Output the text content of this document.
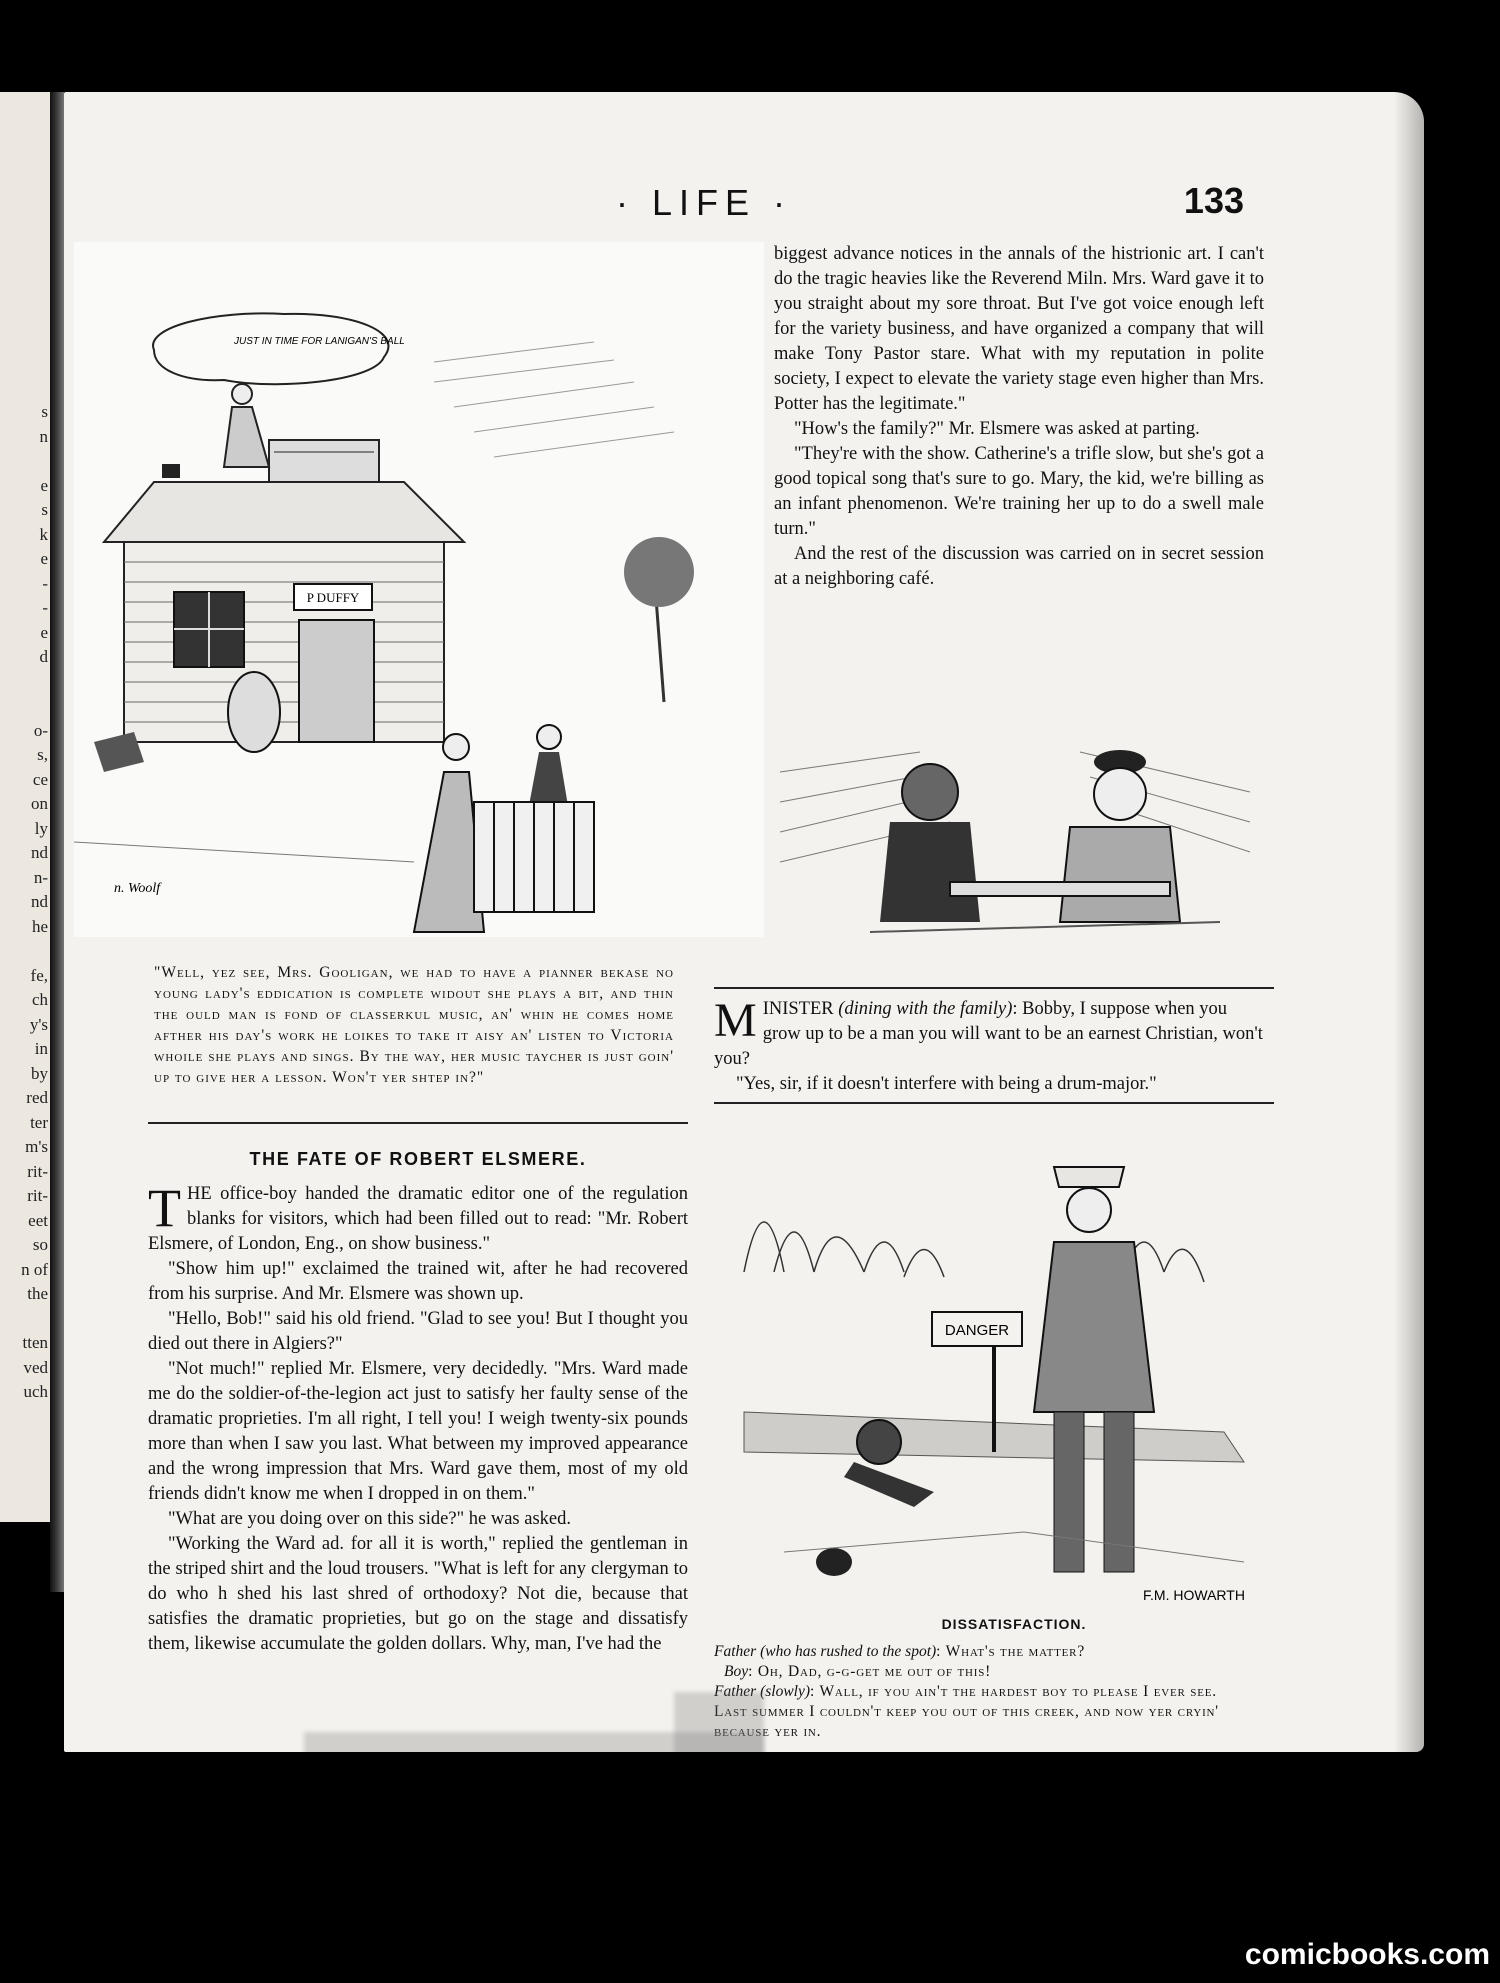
s
n
e
s
k
e
-
-
e
d
o-
s,
ce
on
ly
nd
n-
nd
he
fe,
ch
y's
in
by
red
ter
m's
rit-
rit-
eet
so
n of
the
tten
ved
uch
· LIFE ·	133
JUST IN TIME FOR LANIGAN'S BALL
P DUFFY
n. Woolf
"Well, yez see, Mrs. Gooligan, we had to have a pianner bekase no young lady's eddication is complete widout she plays a bit, and thin the ould man is fond of classerkul music, an' whin he comes home afther his day's work he loikes to take it aisy an' listen to Victoria whoile she plays and sings. By the way, her music taycher is just goin' up to give her a lesson. Won't yer shtep in?"

biggest advance notices in the annals of the histrionic art. I can't do the tragic heavies like the Reverend Miln. Mrs. Ward gave it to you straight about my sore throat. But I've got voice enough left for the variety business, and have organized a company that will make Tony Pastor stare. What with my reputation in polite society, I expect to elevate the variety stage even higher than Mrs. Potter has the legitimate."

"How's the family?" Mr. Elsmere was asked at parting.

"They're with the show. Catherine's a trifle slow, but she's got a good topical song that's sure to go. Mary, the kid, we're billing as an infant phenomenon. We're training her up to do a swell male turn."

And the rest of the discussion was carried on in secret session at a neighboring café.

M INISTER (dining with the family): Bobby, I suppose when you grow up to be a man you will want to be an earnest Christian, won't you?

"Yes, sir, if it doesn't interfere with being a drum-major."

THE FATE OF ROBERT ELSMERE.

THE office-boy handed the dramatic editor one of the regulation blanks for visitors, which had been filled out to read: "Mr. Robert Elsmere, of London, Eng., on show business."

"Show him up!" exclaimed the trained wit, after he had recovered from his surprise. And Mr. Elsmere was shown up.

"Hello, Bob!" said his old friend. "Glad to see you! But I thought you died out there in Algiers?"

"Not much!" replied Mr. Elsmere, very decidedly. "Mrs. Ward made me do the soldier-of-the-legion act just to satisfy her faulty sense of the dramatic proprieties. I'm all right, I tell you! I weigh twenty-six pounds more than when I saw you last. What between my improved appearance and the wrong impression that Mrs. Ward gave them, most of my old friends didn't know me when I dropped in on them."

"What are you doing over on this side?" he was asked.

"Working the Ward ad. for all it is worth," replied the gentleman in the striped shirt and the loud trousers. "What is left for any clergyman to do who h shed his last shred of orthodoxy? Not die, because that satisfies the dramatic proprieties, but go on the stage and dissatisfy them, likewise accumulate the golden dollars. Why, man, I've had the

DANGER
F.M. HOWARTH
DISSATISFACTION.
Father (who has rushed to the spot): What's the matter?
Boy: Oh, Dad, g-g-get me out of this!
Father (slowly): Wall, if you ain't the hardest boy to please I ever see. Last summer I couldn't keep you out of this creek, and now yer cryin' because yer in.
comicbooks.com
